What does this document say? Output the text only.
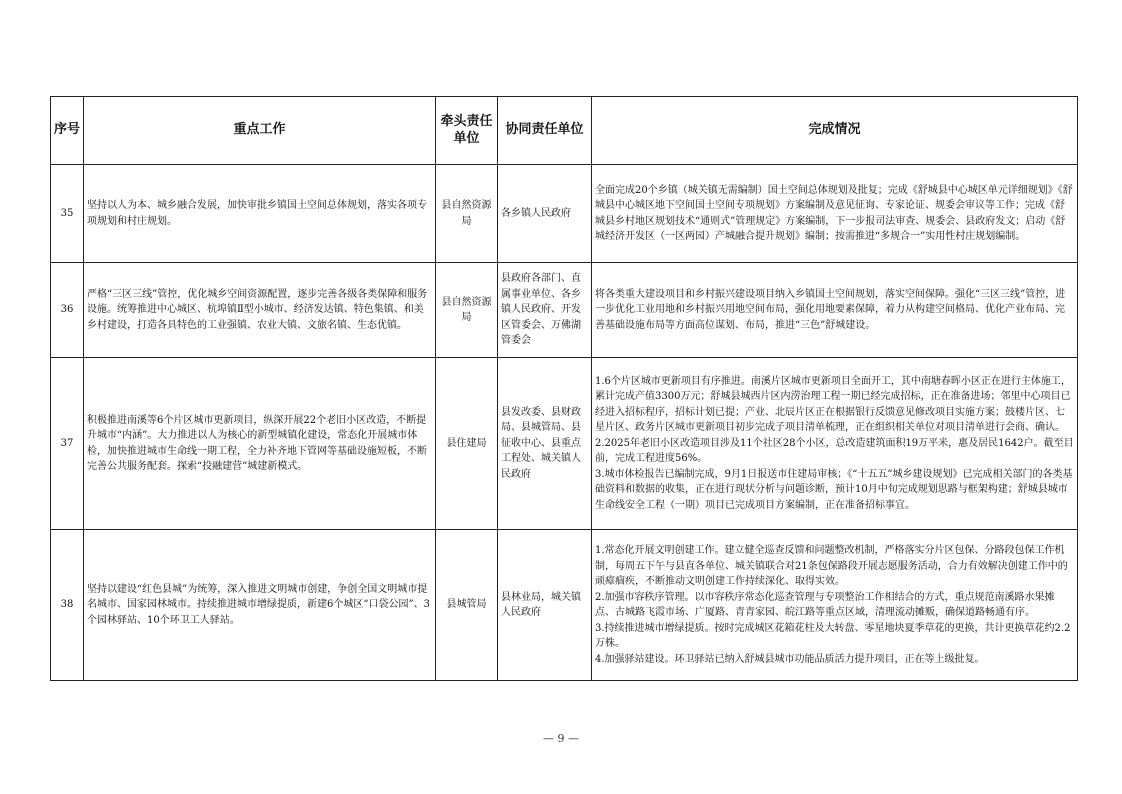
序号	重点工作	牵头责任单位	协同责任单位	完成情况
35	坚持以人为本、城乡融合发展，加快审批乡镇国土空间总体规划，落实各项专项规划和村庄规划。	县自然资源局	各乡镇人民政府	全面完成20个乡镇（城关镇无需编制）国土空间总体规划及批复；完成《舒城县中心城区单元详细规划》《舒城县中心城区地下空间国土空间专项规划》方案编制及意见征询、专家论证、规委会审议等工作；完成《舒城县乡村地区规划技术“通则式”管理规定》方案编制，下一步报司法审查、规委会、县政府发文；启动《舒城经济开发区（一区两园）产城融合提升规划》编制；按需推进“多规合一”实用性村庄规划编制。

36	严格“三区三线”管控，优化城乡空间资源配置，逐步完善各级各类保障和服务设施。统筹推进中心城区、杭埠镇Ⅱ型小城市、经济发达镇、特色集镇、和美乡村建设，打造各具特色的工业强镇、农业大镇、文旅名镇、生态优镇。	县自然资源局	县政府各部门、直属事业单位、各乡镇人民政府、开发区管委会、万佛湖管委会	将各类重大建设项目和乡村振兴建设项目纳入乡镇国土空间规划，落实空间保障。强化“三区三线”管控，进一步优化工业用地和乡村振兴用地空间布局，强化用地要素保障，着力从构建空间格局、优化产业布局、完善基础设施布局等方面高位谋划、布局，推进“三色”舒城建设。

37	积极推进南溪等6个片区城市更新项目，纵深开展22个老旧小区改造，不断提升城市“内涵”。大力推进以人为核心的新型城镇化建设，常态化开展城市体检，加快推进城市生命线一期工程，全力补齐地下管网等基础设施短板，不断完善公共服务配套。探索“投融建营”城建新模式。	县住建局	县发改委、县财政局、县城管局、县征收中心、县重点工程处、城关镇人民政府	1.6个片区城市更新项目有序推进。南溪片区城市更新项目全面开工，其中南塘春晖小区正在进行主体施工，累计完成产值3300万元；舒城县城西片区内涝治理工程一期已经完成招标，正在准备进场；邻里中心项目已经进入招标程序，招标计划已提；产业、北辰片区正在根据银行反馈意见修改项目实施方案；鼓楼片区、七星片区、政务片区城市更新项目初步完成子项目清单梳理，正在组织相关单位对项目清单进行会商、确认。
2.2025年老旧小区改造项目涉及11个社区28个小区，总改造建筑面积19万平米，惠及居民1642户。截至目前，完成工程进度56%。
3.城市体检报告已编制完成，9月1日报送市住建局审核；《“十五五”城乡建设规划》已完成相关部门的各类基础资料和数据的收集，正在进行现状分析与问题诊断，预计10月中旬完成规划思路与框架构建；舒城县城市生命线安全工程（一期）项目已完成项目方案编制，正在准备招标事宜。

38	坚持以建设“红色县城”为统筹，深入推进文明城市创建，争创全国文明城市提名城市、国家园林城市。持续推进城市增绿提质，新建6个城区“口袋公园”、3个园林驿站、10个环卫工人驿站。	县城管局	县林业局，城关镇人民政府	1.常态化开展文明创建工作。建立健全巡查反馈和问题整改机制，严格落实分片区包保、分路段包保工作机制，每周五下午与县直各单位、城关镇联合对21条包保路段开展志愿服务活动，合力有效解决创建工作中的顽瘴痼疾，不断推动文明创建工作持续深化、取得实效。
2.加强市容秩序管理。以市容秩序常态化巡查管理与专项整治工作相结合的方式，重点规范南溪路水果摊点、古城路飞霞市场、广厦路、青青家园、皖江路等重点区域，清理流动摊贩，确保道路畅通有序。
3.持续推进城市增绿提质。按时完成城区花箱花柱及大转盘、零星地块夏季草花的更换，共计更换草花约2.2万株。
4.加强驿站建设。环卫驿站已纳入舒城县城市功能品质活力提升项目，正在等上级批复。
— 9 —
